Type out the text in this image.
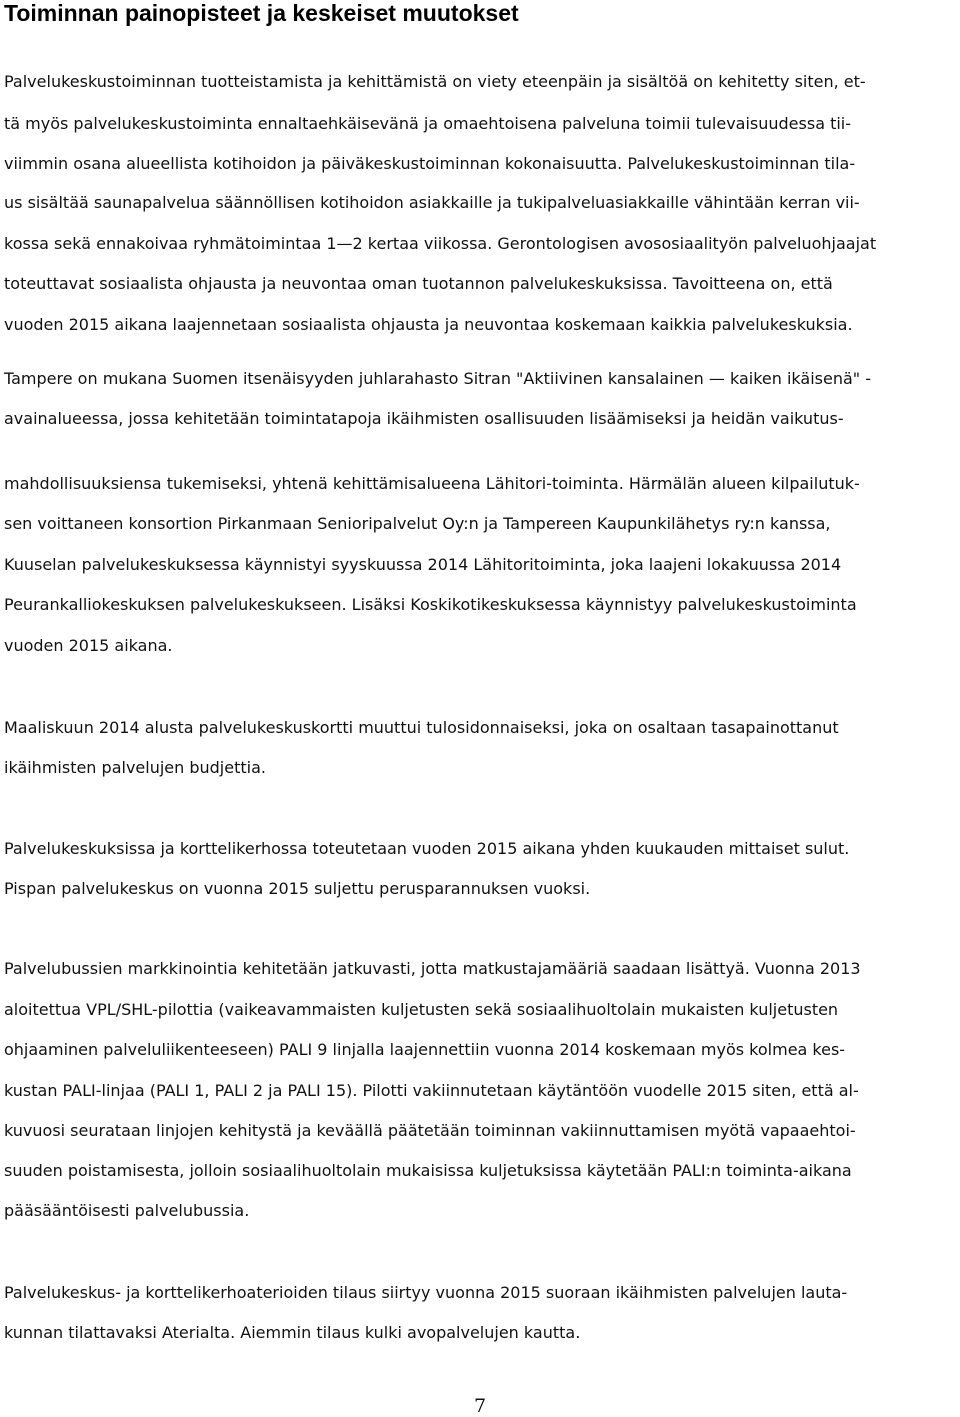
Toiminnan painopisteet ja keskeiset muutokset

Palvelukeskustoiminnan tuotteistamista ja kehittämistä on viety eteenpäin ja sisältöä on kehitetty siten, et-

tä myös palvelukeskustoiminta ennaltaehkäisevänä ja omaehtoisena palveluna toimii tulevaisuudessa tii-

viimmin osana alueellista kotihoidon ja päiväkeskustoiminnan kokonaisuutta. Palvelukeskustoiminnan tila-

us sisältää saunapalvelua säännöllisen kotihoidon asiakkaille ja tukipalveluasiakkaille vähintään kerran vii-

kossa sekä ennakoivaa ryhmätoimintaa 1—2 kertaa viikossa. Gerontologisen avososiaalityön palveluohjaajat

toteuttavat sosiaalista ohjausta ja neuvontaa oman tuotannon palvelukeskuksissa. Tavoitteena on, että

vuoden 2015 aikana laajennetaan sosiaalista ohjausta ja neuvontaa koskemaan kaikkia palvelukeskuksia.

Tampere on mukana Suomen itsenäisyyden juhlarahasto Sitran "Aktiivinen kansalainen — kaiken ikäisenä" -

avainalueessa, jossa kehitetään toimintatapoja ikäihmisten osallisuuden lisäämiseksi ja heidän vaikutus-

mahdollisuuksiensa tukemiseksi, yhtenä kehittämisalueena Lähitori-toiminta. Härmälän alueen kilpailutuk-

sen voittaneen konsortion Pirkanmaan Senioripalvelut Oy:n ja Tampereen Kaupunkilähetys ry:n kanssa,

Kuuselan palvelukeskuksessa käynnistyi syyskuussa 2014 Lähitoritoiminta, joka laajeni lokakuussa 2014

Peurankalliokeskuksen palvelukeskukseen. Lisäksi Koskikotikeskuksessa käynnistyy palvelukeskustoiminta

vuoden 2015 aikana.

Maaliskuun 2014 alusta palvelukeskuskortti muuttui tulosidonnaiseksi, joka on osaltaan tasapainottanut

ikäihmisten palvelujen budjettia.

Palvelukeskuksissa ja korttelikerhossa toteutetaan vuoden 2015 aikana yhden kuukauden mittaiset sulut.

Pispan palvelukeskus on vuonna 2015 suljettu perusparannuksen vuoksi.

Palvelubussien markkinointia kehitetään jatkuvasti, jotta matkustajamääriä saadaan lisättyä. Vuonna 2013

aloitettua VPL/SHL-pilottia (vaikeavammaisten kuljetusten sekä sosiaalihuoltolain mukaisten kuljetusten

ohjaaminen palveluliikenteeseen) PALI 9 linjalla laajennettiin vuonna 2014 koskemaan myös kolmea kes-

kustan PALI-linjaa (PALI 1, PALI 2 ja PALI 15). Pilotti vakiinnutetaan käytäntöön vuodelle 2015 siten, että al-

kuvuosi seurataan linjojen kehitystä ja keväällä päätetään toiminnan vakiinnuttamisen myötä vapaaehtoi-

suuden poistamisesta, jolloin sosiaalihuoltolain mukaisissa kuljetuksissa käytetään PALI:n toiminta-aikana

pääsääntöisesti palvelubussia.

Palvelukeskus- ja korttelikerhoaterioiden tilaus siirtyy vuonna 2015 suoraan ikäihmisten palvelujen lauta-

kunnan tilattavaksi Aterialta. Aiemmin tilaus kulki avopalvelujen kautta.

7
